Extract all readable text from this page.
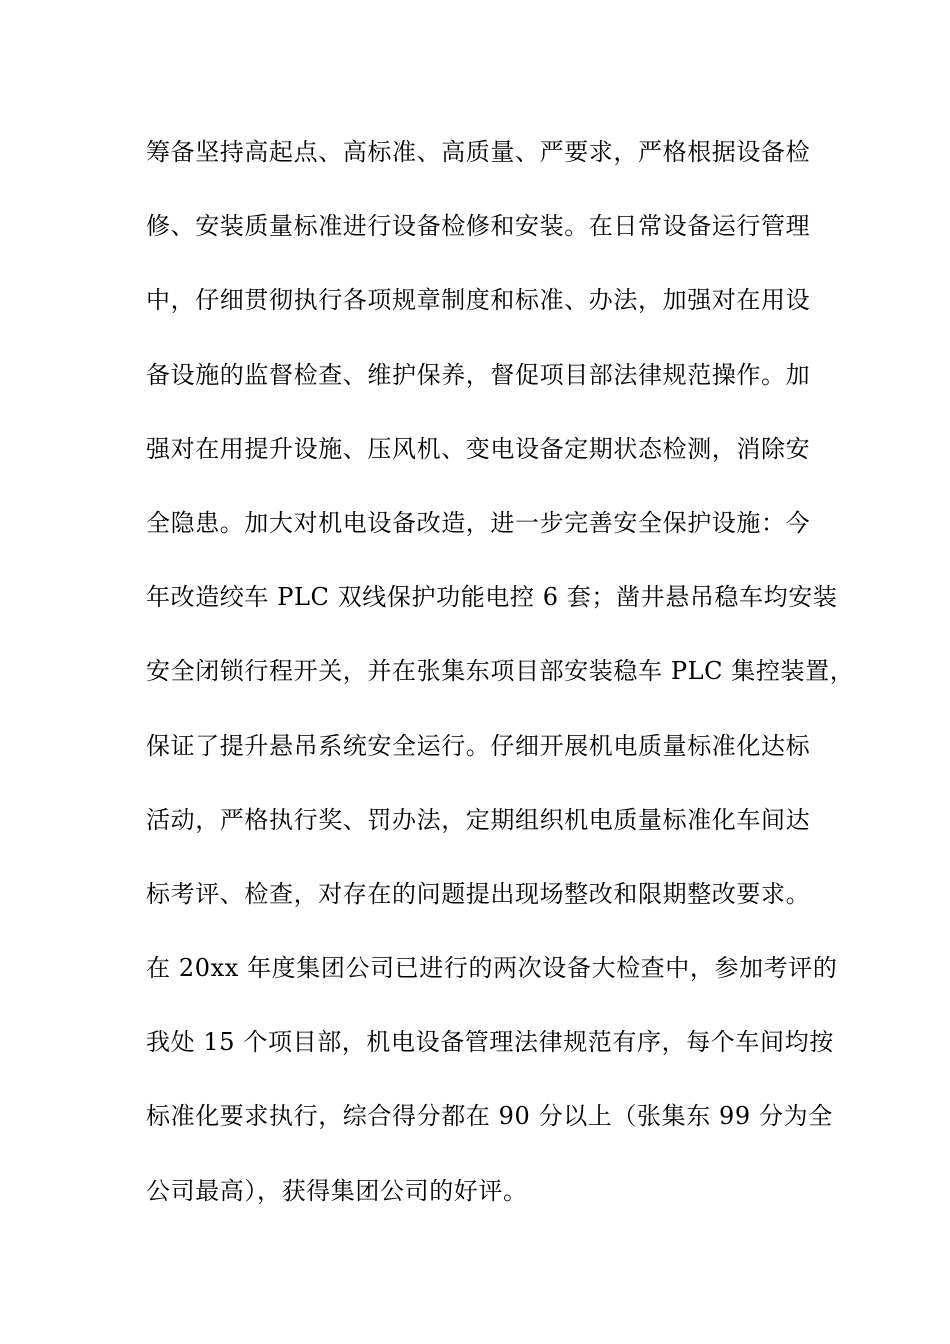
筹备坚持高起点、高标准、高质量、严要求，严格根据设备检
修、安装质量标准进行设备检修和安装。在日常设备运行管理
中，仔细贯彻执行各项规章制度和标准、办法，加强对在用设
备设施的监督检查、维护保养，督促项目部法律规范操作。加
强对在用提升设施、压风机、变电设备定期状态检测，消除安
全隐患。加大对机电设备改造，进一步完善安全保护设施：今
年改造绞车 PLC 双线保护功能电控 6 套；凿井悬吊稳车均安装
安全闭锁行程开关，并在张集东项目部安装稳车 PLC 集控装置，
保证了提升悬吊系统安全运行。仔细开展机电质量标准化达标
活动，严格执行奖、罚办法，定期组织机电质量标准化车间达
标考评、检查，对存在的问题提出现场整改和限期整改要求。
在 20xx 年度集团公司已进行的两次设备大检查中，参加考评的
我处 15 个项目部，机电设备管理法律规范有序，每个车间均按
标准化要求执行，综合得分都在 90 分以上（张集东 99 分为全
公司最高），获得集团公司的好评。
